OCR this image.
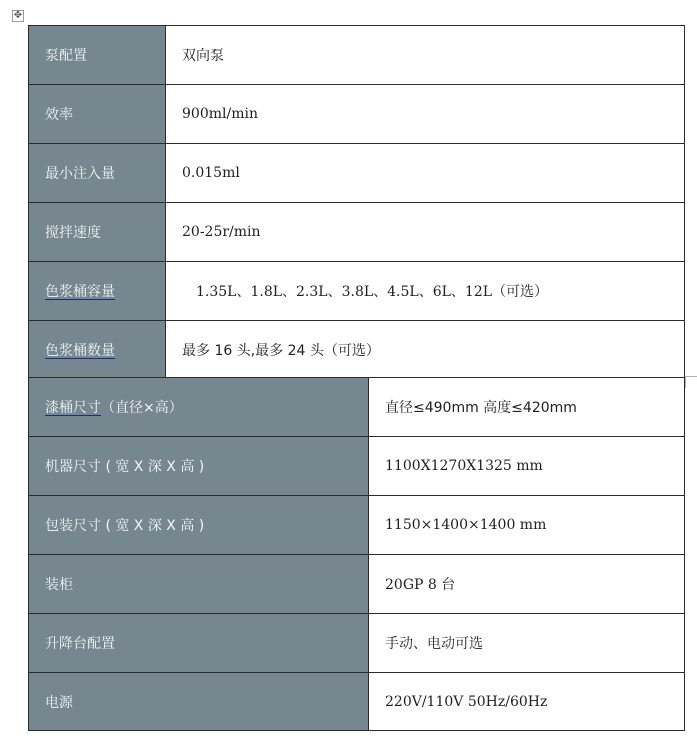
✥
泵配置	双向泵
效率	900ml/min
最小注入量	0.015ml
搅拌速度	20-25r/min
色浆桶容量	1.35L、1.8L、2.3L、3.8L、4.5L、6L、12L（可选）
色浆桶数量	最多 16 头,最多 24 头（可选）
漆桶尺寸（直径×高）	直径≤490mm 高度≤420mm
机器尺寸 ( 宽 X 深 X 高 )	1100X1270X1325 mm
包装尺寸 ( 宽 X 深 X 高 )	1150×1400×1400 mm
装柜	20GP 8 台
升降台配置	手动、电动可选
电源	220V/110V 50Hz/60Hz
